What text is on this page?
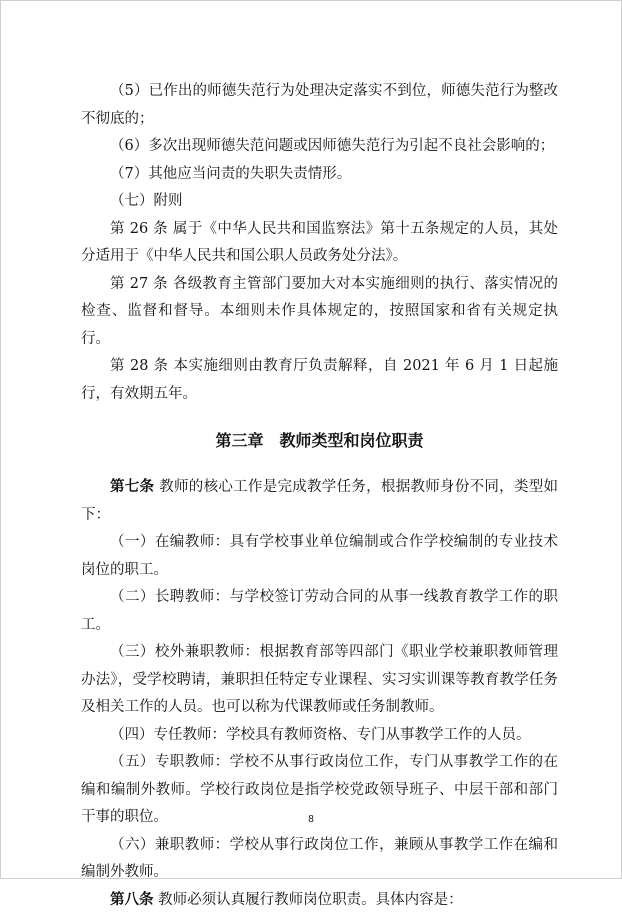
（5）已作出的师德失范行为处理决定落实不到位，师德失范行为整改不彻底的；

（6）多次出现师德失范问题或因师德失范行为引起不良社会影响的；

（7）其他应当问责的失职失责情形。

（七）附则

第 26 条 属于《中华人民共和国监察法》第十五条规定的人员，其处分适用于《中华人民共和国公职人员政务处分法》。

第 27 条 各级教育主管部门要加大对本实施细则的执行、落实情况的检查、监督和督导。本细则未作具体规定的，按照国家和省有关规定执行。

第 28 条 本实施细则由教育厅负责解释，自 2021 年 6 月 1 日起施行，有效期五年。

第三章　教师类型和岗位职责

第七条 教师的核心工作是完成教学任务，根据教师身份不同，类型如下：

（一）在编教师：具有学校事业单位编制或合作学校编制的专业技术岗位的职工。

（二）长聘教师：与学校签订劳动合同的从事一线教育教学工作的职工。

（三）校外兼职教师：根据教育部等四部门《职业学校兼职教师管理办法》，受学校聘请，兼职担任特定专业课程、实习实训课等教育教学任务及相关工作的人员。也可以称为代课教师或任务制教师。

（四）专任教师：学校具有教师资格、专门从事教学工作的人员。

（五）专职教师：学校不从事行政岗位工作，专门从事教学工作的在编和编制外教师。学校行政岗位是指学校党政领导班子、中层干部和部门干事的职位。

（六）兼职教师：学校从事行政岗位工作，兼顾从事教学工作在编和编制外教师。

第八条 教师必须认真履行教师岗位职责。具体内容是：

8
